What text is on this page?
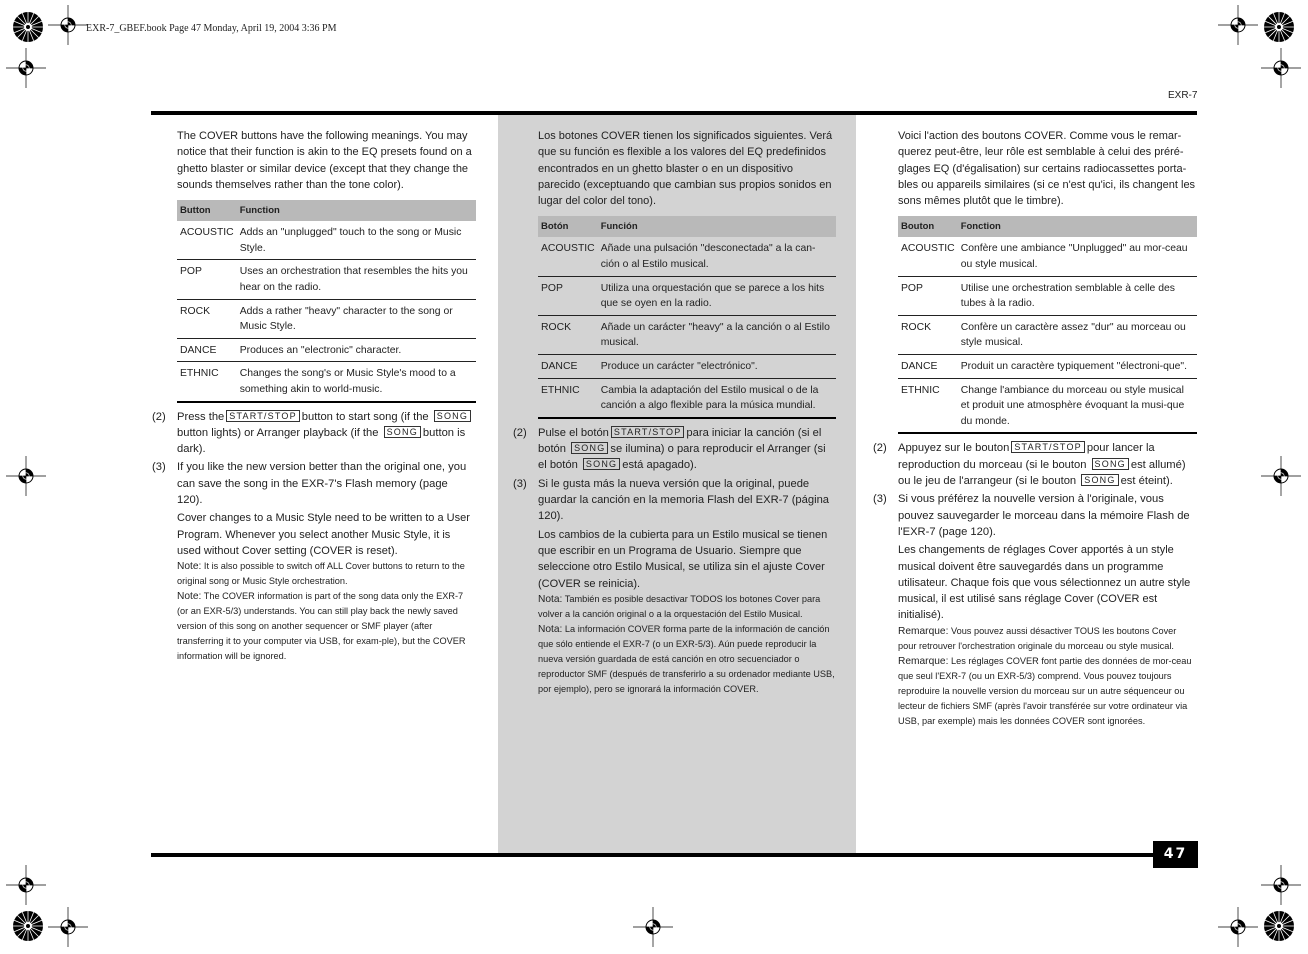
EXR-7_GBEF.book Page 47 Monday, April 19, 2004 3:36 PM
EXR-7
47

The COVER buttons have the following meanings. You may notice that their function is akin to the EQ presets found on a ghetto blaster or similar device (except that they change the sounds themselves rather than the tone color).

Button	Function
ACOUSTIC	Adds an "unplugged" touch to the song or Music Style.
POP	Uses an orchestration that resembles the hits you hear on the radio.
ROCK	Adds a rather "heavy" character to the song or Music Style.
DANCE	Produces an "electronic" character.
ETHNIC	Changes the song's or Music Style's mood to a something akin to world-music.
(2) Press the START/STOP button to start song (if the SONGbutton lights) or Arranger playback (if the SONG button is dark).
(3) If you like the new version better than the original one, you can save the song in the EXR-7's Flash memory (page 120).

Cover changes to a Music Style need to be written to a User Program. Whenever you select another Music Style, it is used without Cover setting (COVER is reset).

Note: It is also possible to switch off ALL Cover buttons to return to the original song or Music Style orchestration.

Note: The COVER information is part of the song data only the EXR-7 (or an EXR-5/3) understands. You can still play back the newly saved version of this song on another sequencer or SMF player (after transferring it to your computer via USB, for exam-ple), but the COVER information will be ignored.

Los botones COVER tienen los significados siguientes. Verá que su función es flexible a los valores del EQ predefinidos encontrados en un ghetto blaster o en un dispositivo parecido (exceptuando que cambian sus propios sonidos en lugar del color del tono).

Botón	Función
ACOUSTIC	Añade una pulsación "desconectada" a la can-ción o al Estilo musical.
POP	Utiliza una orquestación que se parece a los hits que se oyen en la radio.
ROCK	Añade un carácter "heavy" a la canción o al Estilo musical.
DANCE	Produce un carácter "electrónico".
ETHNIC	Cambia la adaptación del Estilo musical o de la canción a algo flexible para la música mundial.
(2) Pulse el botón START/STOP para iniciar la canción (si el botón SONG se ilumina) o para reproducir el Arranger (si el botón SONG está apagado).
(3) Si le gusta más la nueva versión que la original, puede guardar la canción en la memoria Flash del EXR-7 (página 120).

Los cambios de la cubierta para un Estilo musical se tienen que escribir en un Programa de Usuario. Siempre que seleccione otro Estilo Musical, se utiliza sin el ajuste Cover (COVER se reinicia).

Nota: También es posible desactivar TODOS los botones Cover para volver a la canción original o a la orquestación del Estilo Musical.

Nota: La información COVER forma parte de la información de canción que sólo entiende el EXR-7 (o un EXR-5/3). Aún puede reproducir la nueva versión guardada de está canción en otro secuenciador o reproductor SMF (después de transferirlo a su ordenador mediante USB, por ejemplo), pero se ignorará la información COVER.

Voici l'action des boutons COVER. Comme vous le remar-querez peut-être, leur rôle est semblable à celui des préré-glages EQ (d'égalisation) sur certains radiocassettes porta-bles ou appareils similaires (si ce n'est qu'ici, ils changent les sons mêmes plutôt que le timbre).

Bouton	Fonction
ACOUSTIC	Confère une ambiance "Unplugged" au mor-ceau ou style musical.
POP	Utilise une orchestration semblable à celle des tubes à la radio.
ROCK	Confère un caractère assez "dur" au morceau ou style musical.
DANCE	Produit un caractère typiquement "électroni-que".
ETHNIC	Change l'ambiance du morceau ou style musical et produit une atmosphère évoquant la musi-que du monde.
(2) Appuyez sur le bouton START/STOP pour lancer la reproduction du morceau (si le bouton SONG est allumé) ou le jeu de l'arrangeur (si le bouton SONG est éteint).
(3) Si vous préférez la nouvelle version à l'originale, vous pouvez sauvegarder le morceau dans la mémoire Flash de l'EXR-7 (page 120).

Les changements de réglages Cover apportés à un style musical doivent être sauvegardés dans un programme utilisateur. Chaque fois que vous sélectionnez un autre style musical, il est utilisé sans réglage Cover (COVER est initialisé).

Remarque: Vous pouvez aussi désactiver TOUS les boutons Cover pour retrouver l'orchestration originale du morceau ou style musical.

Remarque: Les réglages COVER font partie des données de mor-ceau que seul l'EXR-7 (ou un EXR-5/3) comprend. Vous pouvez toujours reproduire la nouvelle version du morceau sur un autre séquenceur ou lecteur de fichiers SMF (après l'avoir transférée sur votre ordinateur via USB, par exemple) mais les données COVER sont ignorées.
